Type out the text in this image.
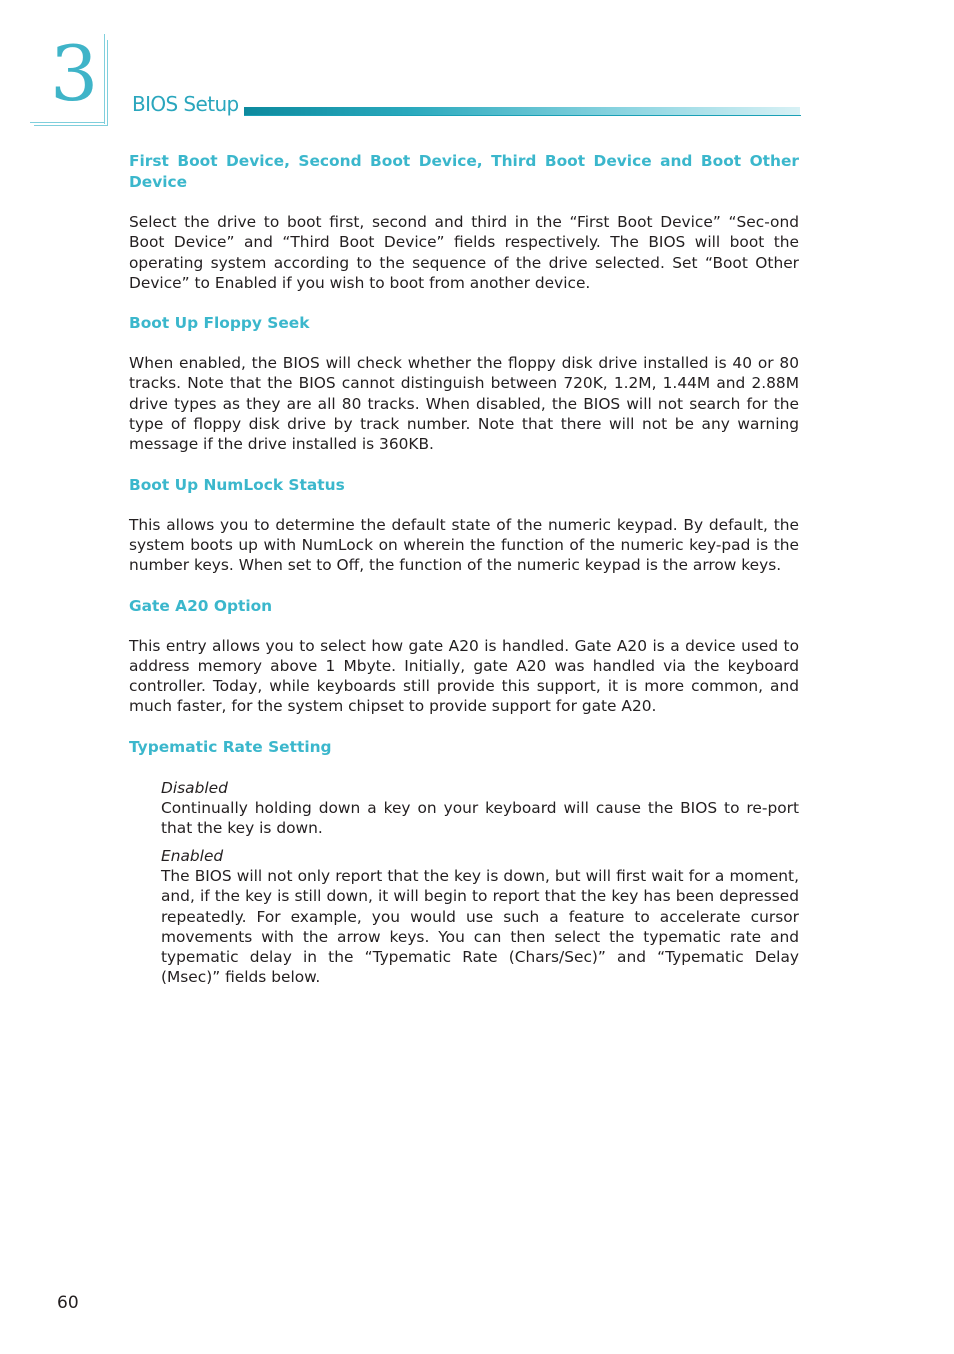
3 BIOS Setup
First Boot Device, Second Boot Device, Third Boot Device and Boot Other Device

Select the drive to boot first, second and third in the “First Boot Device” “Sec-ond Boot Device” and “Third Boot Device” fields respectively. The BIOS will boot the operating system according to the sequence of the drive selected. Set “Boot Other Device” to Enabled if you wish to boot from another device.

Boot Up Floppy Seek

When enabled, the BIOS will check whether the floppy disk drive installed is 40 or 80 tracks. Note that the BIOS cannot distinguish between 720K, 1.2M, 1.44M and 2.88M drive types as they are all 80 tracks. When disabled, the BIOS will not search for the type of floppy disk drive by track number. Note that there will not be any warning message if the drive installed is 360KB.

Boot Up NumLock Status

This allows you to determine the default state of the numeric keypad. By default, the system boots up with NumLock on wherein the function of the numeric key-pad is the number keys. When set to Off, the function of the numeric keypad is the arrow keys.

Gate A20 Option

This entry allows you to select how gate A20 is handled. Gate A20 is a device used to address memory above 1 Mbyte. Initially, gate A20 was handled via the keyboard controller. Today, while keyboards still provide this support, it is more common, and much faster, for the system chipset to provide support for gate A20.

Typematic Rate Setting

Disabled

Continually holding down a key on your keyboard will cause the BIOS to re-port that the key is down.

Enabled

The BIOS will not only report that the key is down, but will first wait for a moment, and, if the key is still down, it will begin to report that the key has been depressed repeatedly. For example, you would use such a feature to accelerate cursor movements with the arrow keys. You can then select the typematic rate and typematic delay in the “Typematic Rate (Chars/Sec)” and “Typematic Delay (Msec)” fields below.

60
